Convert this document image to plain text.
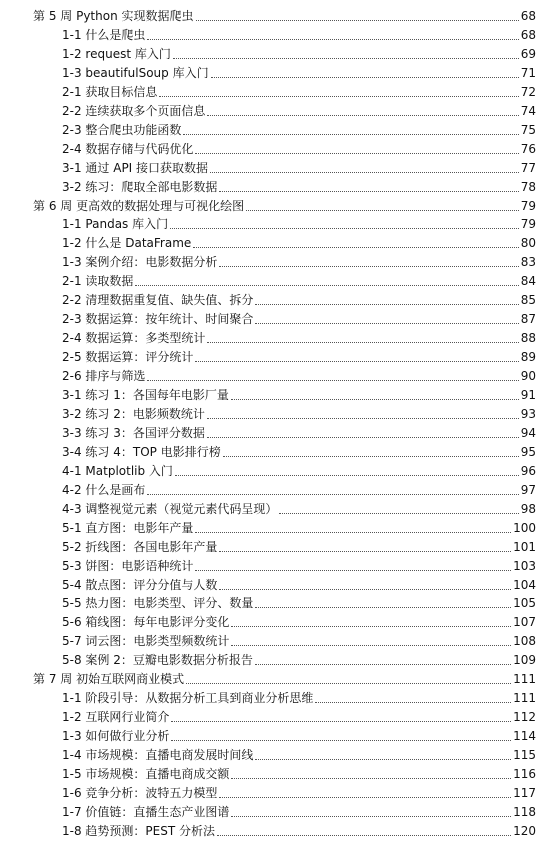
第 5 周 Python 实现数据爬虫	68
1-1 什么是爬虫	68
1-2 request 库入门	69
1-3 beautifulSoup 库入门	71
2-1 获取目标信息	72
2-2 连续获取多个页面信息	74
2-3 整合爬虫功能函数	75
2-4 数据存储与代码优化	76
3-1 通过 API 接口获取数据	77
3-2 练习：爬取全部电影数据	78
第 6 周 更高效的数据处理与可视化绘图	79
1-1 Pandas 库入门	79
1-2 什么是 DataFrame	80
1-3 案例介绍：电影数据分析	83
2-1 读取数据	84
2-2 清理数据重复值、缺失值、拆分	85
2-3 数据运算：按年统计、时间聚合	87
2-4 数据运算：多类型统计	88
2-5 数据运算：评分统计	89
2-6 排序与筛选	90
3-1 练习 1：各国每年电影厂量	91
3-2 练习 2：电影频数统计	93
3-3 练习 3：各国评分数据	94
3-4 练习 4：TOP 电影排行榜	95
4-1 Matplotlib 入门	96
4-2 什么是画布	97
4-3 调整视觉元素（视觉元素代码呈现）	98
5-1 直方图：电影年产量	100
5-2 折线图：各国电影年产量	101
5-3 饼图：电影语种统计	103
5-4 散点图：评分分值与人数	104
5-5 热力图：电影类型、评分、数量	105
5-6 箱线图：每年电影评分变化	107
5-7 词云图：电影类型频数统计	108
5-8 案例 2：豆瓣电影数据分析报告	109
第 7 周 初始互联网商业模式	111
1-1 阶段引导：从数据分析工具到商业分析思维	111
1-2 互联网行业简介	112
1-3 如何做行业分析	114
1-4 市场规模：直播电商发展时间线	115
1-5 市场规模：直播电商成交额	116
1-6 竞争分析：波特五力模型	117
1-7 价值链：直播生态产业图谱	118
1-8 趋势预测：PEST 分析法	120
